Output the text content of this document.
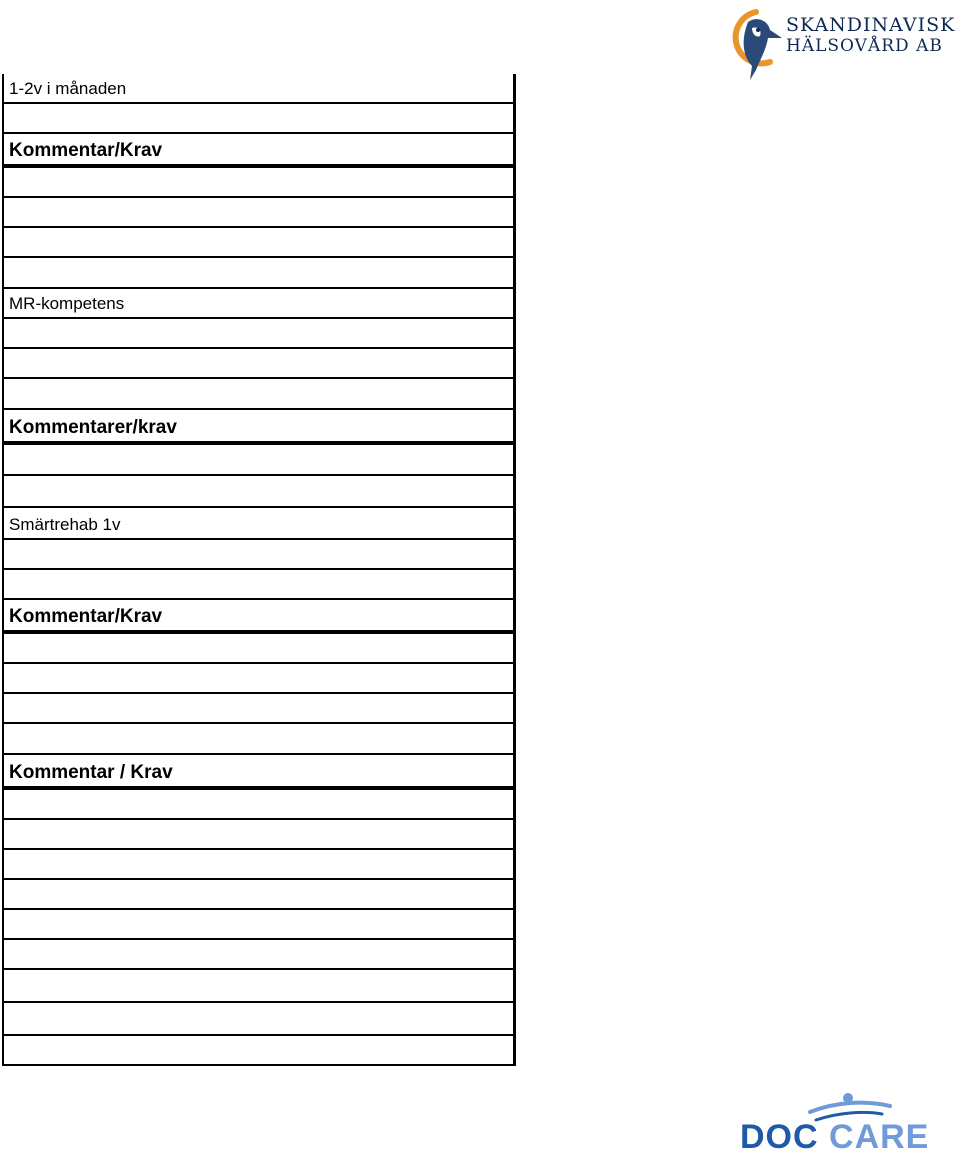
SKANDINAVISK
HÄLSOVÅRD AB
1-2v i månaden
Kommentar/Krav
MR-kompetens
Kommentarer/krav
Smärtrehab 1v
Kommentar/Krav
Kommentar / Krav
DOC CARE
